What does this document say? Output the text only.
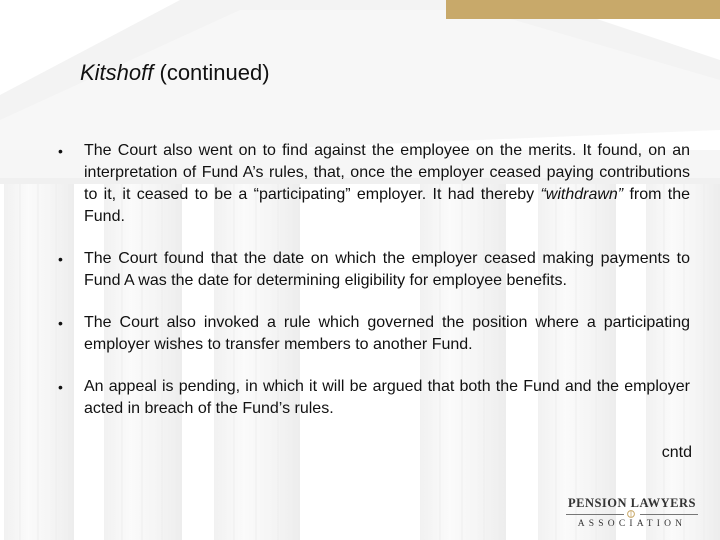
Kitshoff (continued)
• The Court also went on to find against the employee on the merits. It found, on an interpretation of Fund A’s rules, that, once the employer ceased paying contributions to it, it ceased to be a “participating” employer. It had thereby “withdrawn” from the Fund.
• The Court found that the date on which the employer ceased making payments to Fund A was the date for determining eligibility for employee benefits.
• The Court also invoked a rule which governed the position where a participating employer wishes to transfer members to another Fund.
• An appeal is pending, in which it will be argued that both the Fund and the employer acted in breach of the Fund’s rules.
cntd
PENSION LAWYERS
ASSOCIATION
